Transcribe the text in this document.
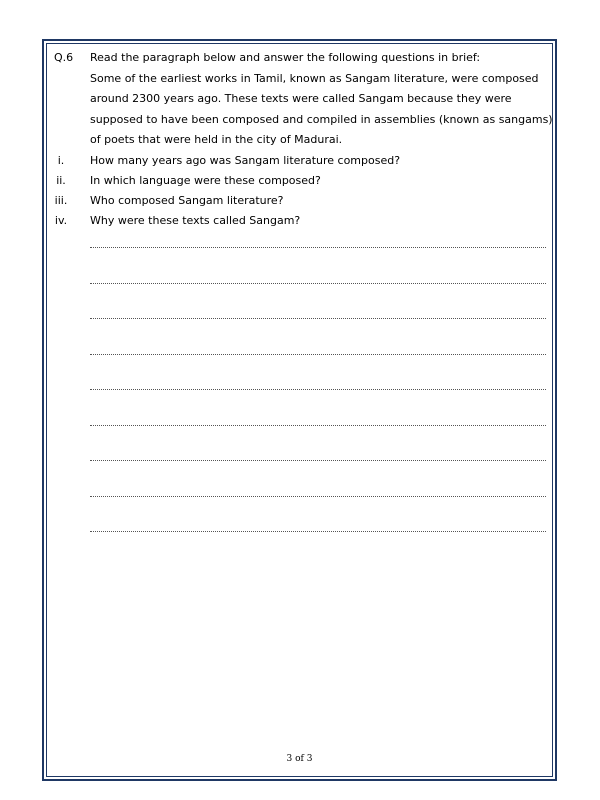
Q.6 Read the paragraph below and answer the following questions in brief:

Some of the earliest works in Tamil, known as Sangam literature, were composed

around 2300 years ago. These texts were called Sangam because they were

supposed to have been composed and compiled in assemblies (known as sangams)

of poets that were held in the city of Madurai.

i.	How many years ago was Sangam literature composed?
ii.	In which language were these composed?
iii.	Who composed Sangam literature?
iv.	Why were these texts called Sangam?
3 of 3
